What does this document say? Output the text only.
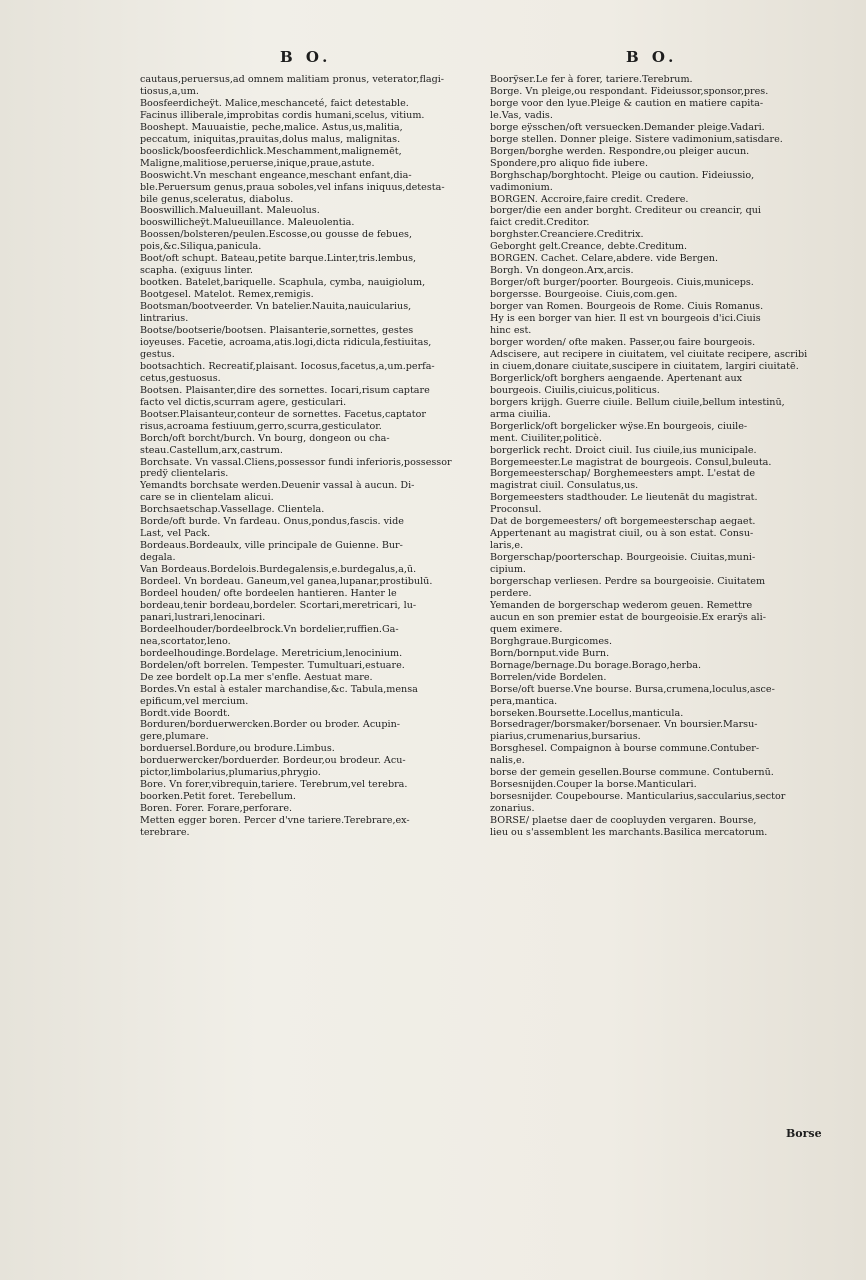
B O.	B O.
cautaus,peruersus,ad omnem malitiam pronus, veterator,flagi-
tiosus,a,um.
Boosfeerdicheÿt. Malice,meschanceté, faict detestable.
Facinus illiberale,improbitas cordis humani,scelus, vitium.
Booshept. Mauuaistie, peche,malice. Astus,us,malitia,
peccatum, iniquitas,prauitas,dolus malus, malignitas.
booslick/boosfeerdichlick.Meschamment,malignemēt,
Maligne,malitiose,peruerse,inique,praue,astute.
Booswicht.Vn meschant engeance,meschant enfant,dia-
ble.Peruersum genus,praua soboles,vel infans iniquus,detesta-
bile genus,sceleratus, diabolus.
Booswillich.Malueuillant. Maleuolus.
booswillicheÿt.Malueuillance. Maleuolentia.
Boossen/bolsteren/peulen.Escosse,ou gousse de febues,
pois,&c.Siliqua,panicula.
Boot/oft schupt. Bateau,petite barque.Linter,tris.lembus,
scapha. (exiguus linter.
bootken. Batelet,bariquelle. Scaphula, cymba, nauigiolum,
Bootgesel. Matelot. Remex,remigis.
Bootsman/bootveerder. Vn batelier.Nauita,nauicularius,
lintrarius.
Bootse/bootserie/bootsen. Plaisanterie,sornettes, gestes
ioyeuses. Facetie, acroama,atis.logi,dicta ridicula,festiuitas,
gestus.
bootsachtich. Recreatif,plaisant. Iocosus,facetus,a,um.perfa-
cetus,gestuosus.
Bootsen. Plaisanter,dire des sornettes. Iocari,risum captare
facto vel dictis,scurram agere, gesticulari.
Bootser.Plaisanteur,conteur de sornettes. Facetus,captator
risus,acroama festiuum,gerro,scurra,gesticulator.
Borch/oft borcht/burch. Vn bourg, dongeon ou cha-
steau.Castellum,arx,castrum.
Borchsate. Vn vassal.Cliens,possessor fundi inferioris,possessor
predÿ clientelaris.
Yemandts borchsate werden.Deuenir vassal à aucun. Di-
care se in clientelam alicui.
Borchsaetschap.Vassellage. Clientela.
Borde/oft burde. Vn fardeau. Onus,pondus,fascis. vide
Last, vel Pack.
Bordeaus.Bordeaulx, ville principale de Guienne. Bur-
degala.
Van Bordeaus.Bordelois.Burdegalensis,e.burdegalus,a,ū.
Bordeel. Vn bordeau. Ganeum,vel ganea,lupanar,prostibulū.
Bordeel houden/ ofte bordeelen hantieren. Hanter le
bordeau,tenir bordeau,bordeler. Scortari,meretricari, lu-
panari,lustrari,lenocinari.
Bordeelhouder/bordeelbrock.Vn bordelier,ruffien.Ga-
nea,scortator,leno.
bordeelhoudinge.Bordelage. Meretricium,lenocinium.
Bordelen/oft borrelen. Tempester. Tumultuari,estuare.
De zee bordelt op.La mer s'enfle. Aestuat mare.
Bordes.Vn estal à estaler marchandise,&c. Tabula,mensa
epificum,vel mercium.
Bordt.vide Boordt.
Borduren/borduerwercken.Border ou broder. Acupin-
gere,plumare.
borduersel.Bordure,ou brodure.Limbus.
borduerwercker/borduerder. Bordeur,ou brodeur. Acu-
pictor,limbolarius,plumarius,phrygio.
Bore. Vn forer,vibrequin,tariere. Terebrum,vel terebra.
boorken.Petit foret. Terebellum.
Boren. Forer. Forare,perforare.
Metten egger boren. Percer d'vne tariere.Terebrare,ex-
terebrare.
Boorÿser.Le fer à forer, tariere.Terebrum.
Borge. Vn pleige,ou respondant. Fideiussor,sponsor,pres.
borge voor den lyue.Pleige & caution en matiere capita-
le.Vas, vadis.
borge eÿsschen/oft versuecken.Demander pleige.Vadari.
borge stellen. Donner pleige. Sistere vadimonium,satisdare.
Borgen/borghe werden. Respondre,ou pleiger aucun.
Spondere,pro aliquo fide iubere.
Borghschap/borghtocht. Pleige ou caution. Fideiussio,
vadimonium.
BORGEN. Accroire,faire credit. Credere.
borger/die een ander borght. Crediteur ou creancir, qui
faict credit.Creditor.
borghster.Creanciere.Creditrix.
Geborght gelt.Creance, debte.Creditum.
BORGEN. Cachet. Celare,abdere. vide Bergen.
Borgh. Vn dongeon.Arx,arcis.
Borger/oft burger/poorter. Bourgeois. Ciuis,municeps.
borgersse. Bourgeoise. Ciuis,com.gen.
borger van Romen. Bourgeois de Rome. Ciuis Romanus.
Hy is een borger van hier. Il est vn bourgeois d'ici.Ciuis
hinc est.
borger worden/ ofte maken. Passer,ou faire bourgeois.
Adscisere, aut recipere in ciuitatem, vel ciuitate recipere, ascribi
in ciuem,donare ciuitate,suscipere in ciuitatem, largiri ciuitatē.
Borgerlick/oft borghers aengaende. Apertenant aux
bourgeois. Ciuilis,ciuicus,politicus.
borgers krijgh. Guerre ciuile. Bellum ciuile,bellum intestinū,
arma ciuilia.
Borgerlick/oft borgelicker wÿse.En bourgeois, ciuile-
ment. Ciuiliter,politicè.
borgerlick recht. Droict ciuil. Ius ciuile,ius municipale.
Borgemeester.Le magistrat de bourgeois. Consul,buleuta.
Borgemeesterschap/ Borghemeesters ampt. L'estat de
magistrat ciuil. Consulatus,us.
Borgemeesters stadthouder. Le lieutenāt du magistrat.
Proconsul.
Dat de borgemeesters/ oft borgemeesterschap aegaet.
Appertenant au magistrat ciuil, ou à son estat. Consu-
laris,e.
Borgerschap/poorterschap. Bourgeoisie. Ciuitas,muni-
cipium.
borgerschap verliesen. Perdre sa bourgeoisie. Ciuitatem
perdere.
Yemanden de borgerschap wederom geuen. Remettre
aucun en son premier estat de bourgeoisie.Ex erarÿs ali-
quem eximere.
Borghgraue.Burgicomes.
Born/bornput.vide Burn.
Bornage/bernage.Du borage.Borago,herba.
Borrelen/vide Bordelen.
Borse/oft buerse.Vne bourse. Bursa,crumena,loculus,asce-
pera,mantica.
borseken.Boursette.Locellus,manticula.
Borsedrager/borsmaker/borsenaer. Vn boursier.Marsu-
piarius,crumenarius,bursarius.
Borsghesel. Compaignon à bourse commune.Contuber-
nalis,e.
borse der gemein gesellen.Bourse commune. Contubernū.
Borsesnijden.Couper la borse.Manticulari.
borsesnijder. Coupebourse. Manticularius,saccularius,sector
zonarius.
BORSE/ plaetse daer de coopluyden vergaren. Bourse,
lieu ou s'assemblent les marchants.Basilica mercatorum.
Borse
